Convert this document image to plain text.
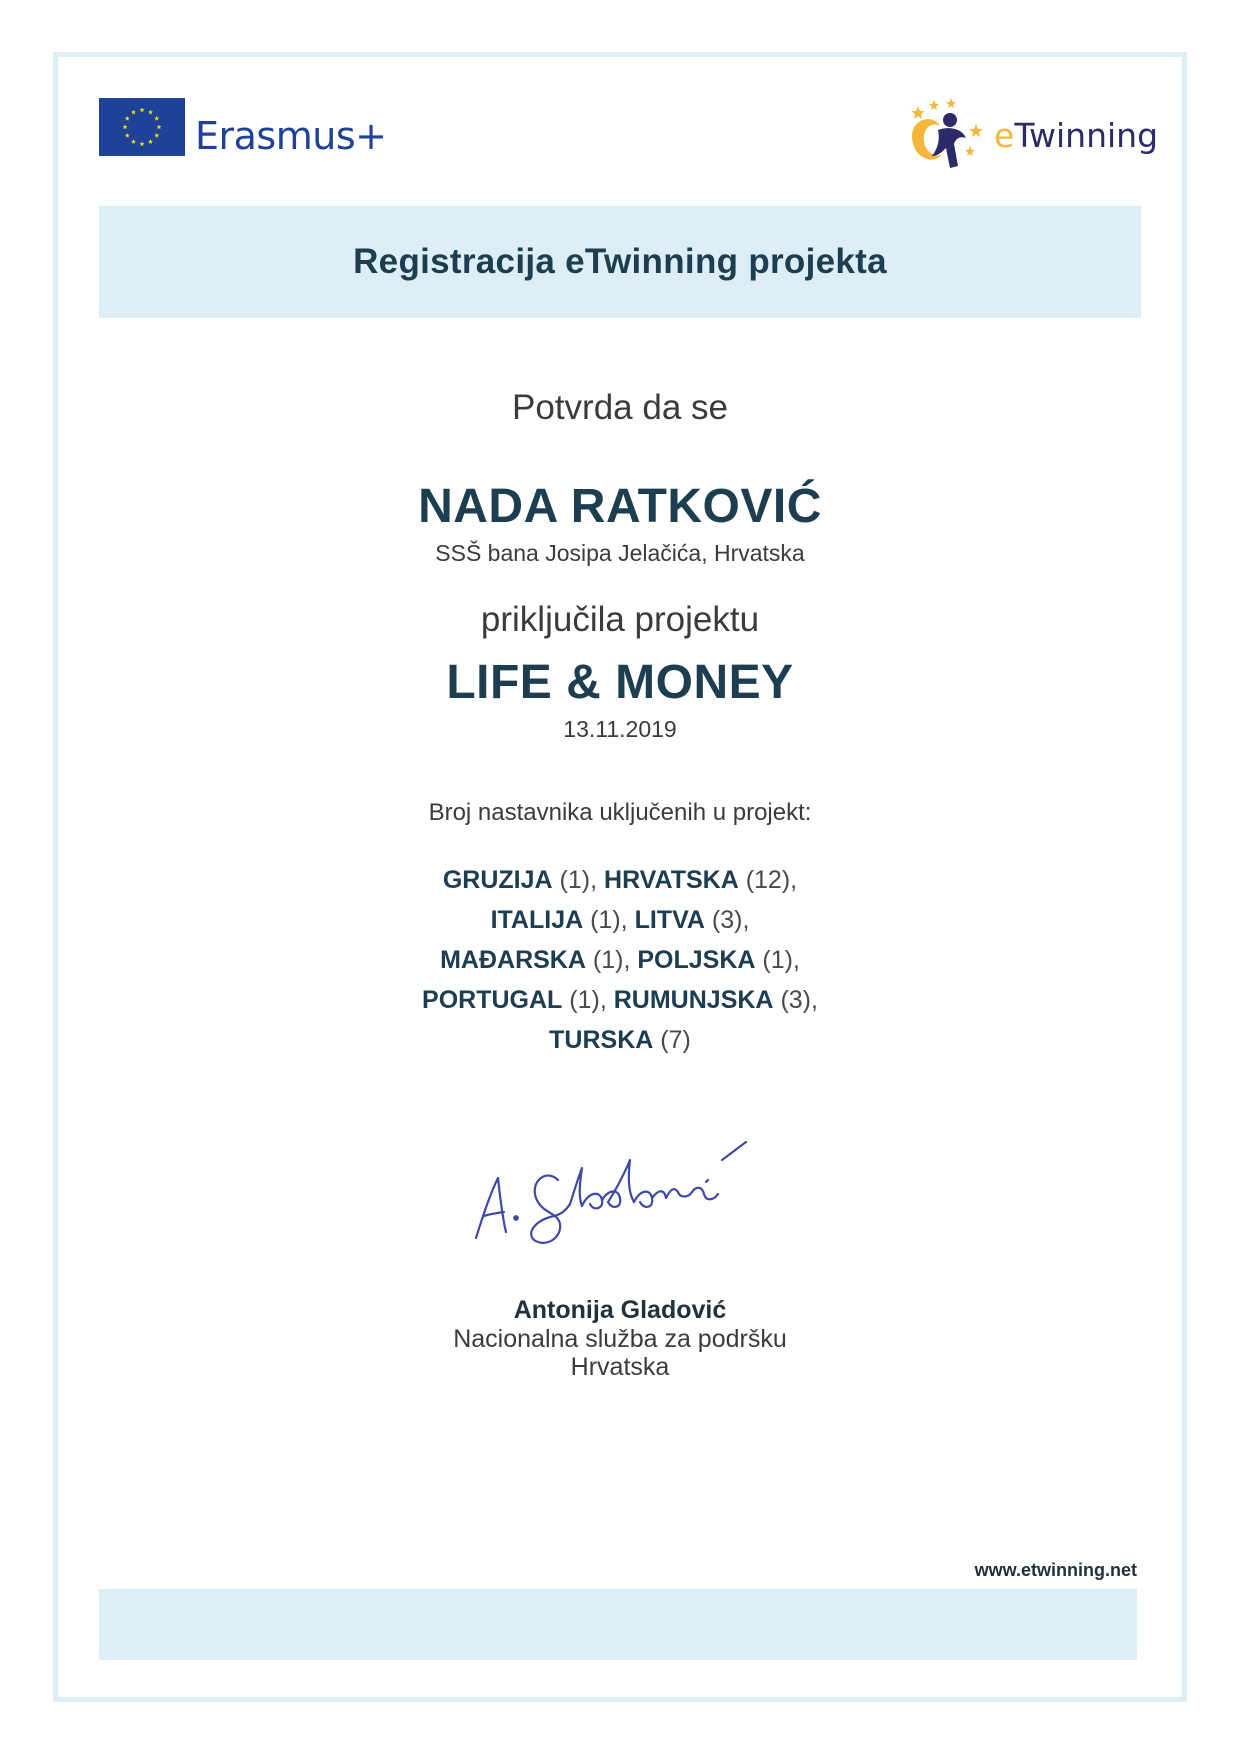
Erasmus+	eTwinning
Registracija eTwinning projekta
Potvrda da se
NADA RATKOVIĆ
SSŠ bana Josipa Jelačića, Hrvatska
priključila projektu
LIFE & MONEY
13.11.2019
Broj nastavnika uključenih u projekt:
GRUZIJA (1), HRVATSKA (12),
ITALIJA (1), LITVA (3),
MAĐARSKA (1), POLJSKA (1),
PORTUGAL (1), RUMUNJSKA (3),
TURSKA (7)
Antonija Gladović
Nacionalna služba za podršku
Hrvatska
www.etwinning.net
